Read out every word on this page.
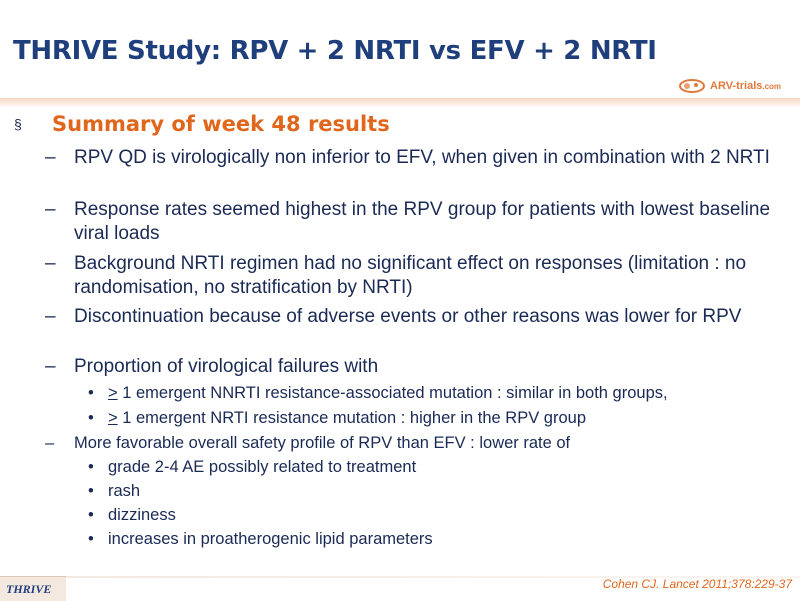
THRIVE Study: RPV + 2 NRTI vs EFV + 2 NRTI
ARV-trials.com
§	Summary of week 48 results
– RPV QD is virologically non inferior to EFV, when given in combination with 2 NRTI
– Response rates seemed highest in the RPV group for patients with lowest baseline viral loads
– Background NRTI regimen had no significant effect on responses (limitation : no randomisation, no stratification by NRTI)
– Discontinuation because of adverse events or other reasons was lower for RPV
– Proportion of virological failures with
• ≥ 1 emergent NNRTI resistance-associated mutation : similar in both groups,
• ≥ 1 emergent NRTI resistance mutation : higher in the RPV group
– More favorable overall safety profile of RPV than EFV : lower rate of
• grade 2-4 AE possibly related to treatment
• rash
• dizziness
• increases in proatherogenic lipid parameters
THRIVE	Cohen CJ. Lancet 2011;378:229-37
